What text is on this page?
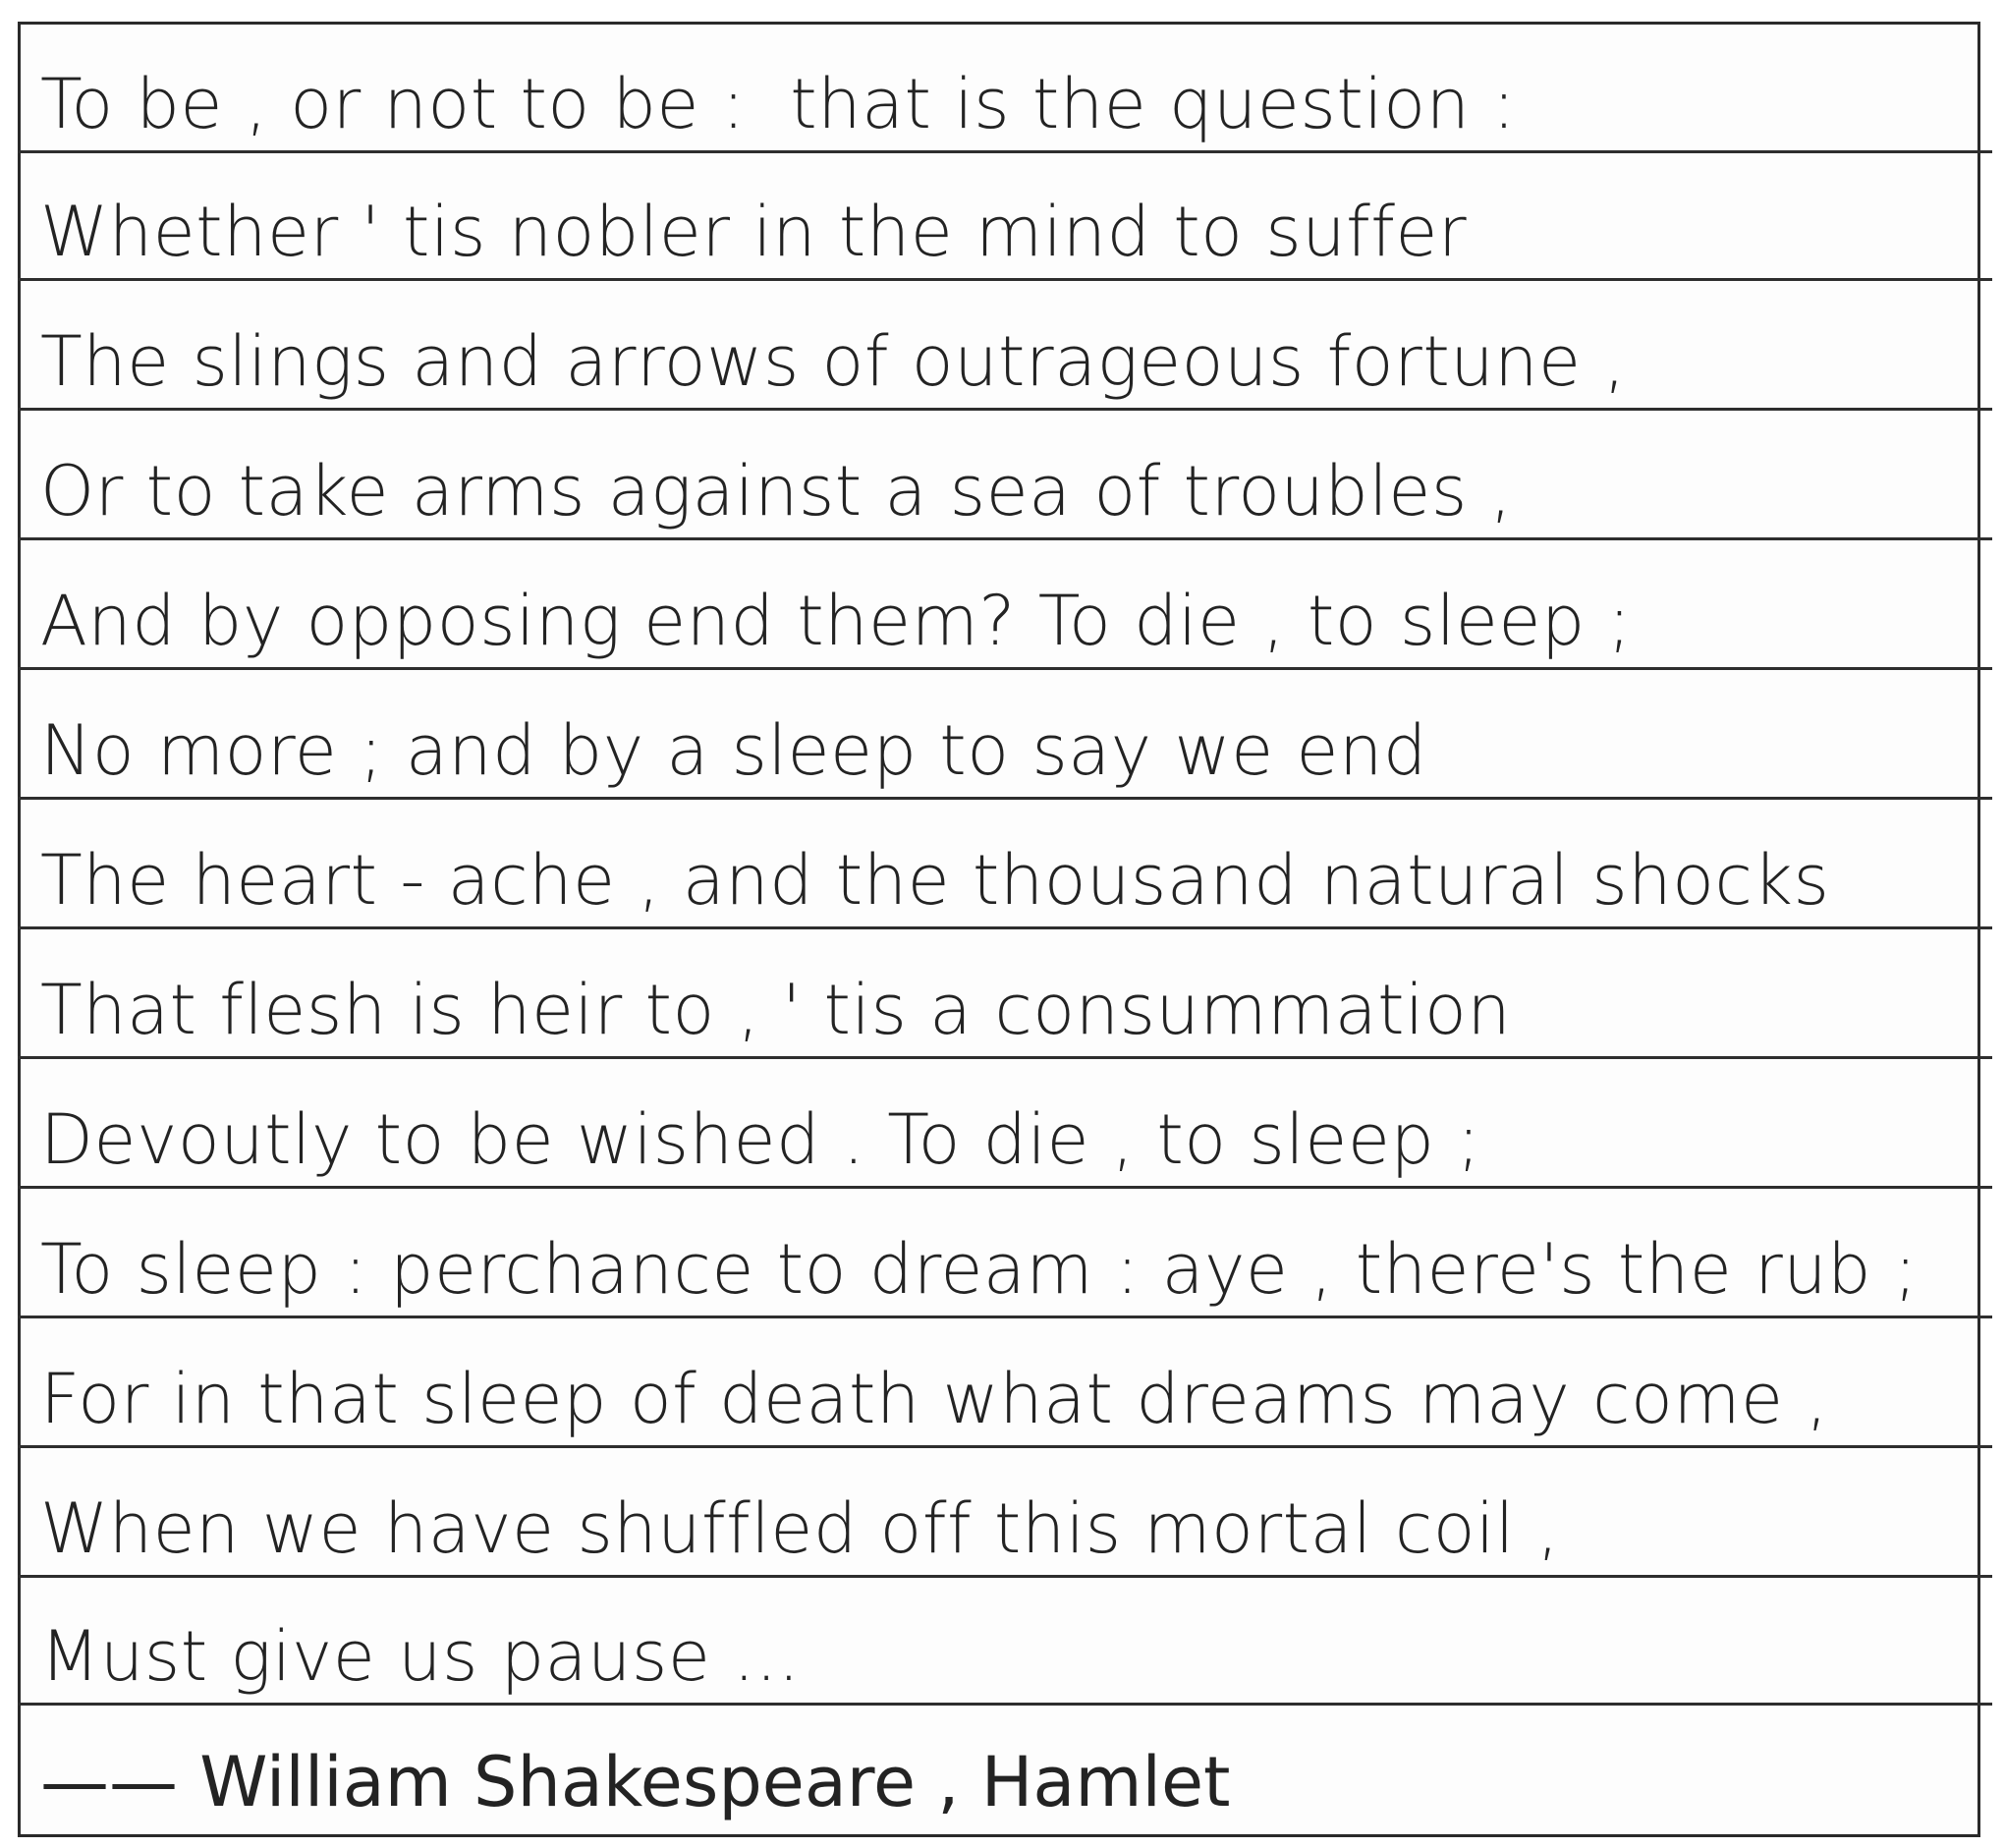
To be , or not to be :  that is the question :
Whether ' tis nobler in the mind to suffer
The slings and arrows of outrageous fortune ,
Or to take arms against a sea of troubles ,
And by opposing end them? To die , to sleep ;
No more ; and by a sleep to say we end
The heart - ache , and the thousand natural shocks
That flesh is heir to , ' tis a consummation
Devoutly to be wished . To die , to sleep ;
To sleep : perchance to dream : aye , there's the rub ;
For in that sleep of death what dreams may come ,
When we have shuffled off this mortal coil ,
Must give us pause ...
—— William Shakespeare , Hamlet
